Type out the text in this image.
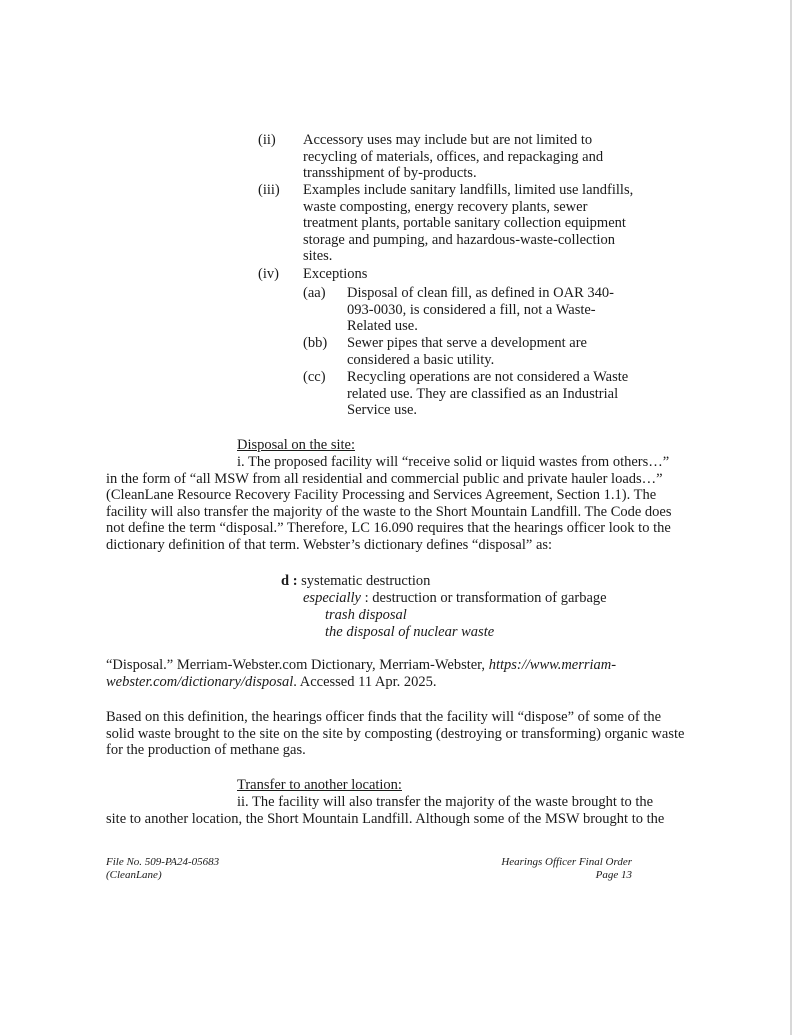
(ii) Accessory uses may include but are not limited to recycling of materials, offices, and repackaging and transshipment of by-products.
(iii) Examples include sanitary landfills, limited use landfills, waste composting, energy recovery plants, sewer treatment plants, portable sanitary collection equipment storage and pumping, and hazardous-waste-collection sites.
(iv) Exceptions
(aa) Disposal of clean fill, as defined in OAR 340-093-0030, is considered a fill, not a Waste-Related use.
(bb) Sewer pipes that serve a development are considered a basic utility.
(cc) Recycling operations are not considered a Waste related use. They are classified as an Industrial Service use.
Disposal on the site:
i. The proposed facility will “receive solid or liquid wastes from others…”
in the form of “all MSW from all residential and commercial public and private hauler loads…” (CleanLane Resource Recovery Facility Processing and Services Agreement, Section 1.1). The facility will also transfer the majority of the waste to the Short Mountain Landfill. The Code does not define the term “disposal.” Therefore, LC 16.090 requires that the hearings officer look to the dictionary definition of that term. Webster’s dictionary defines “disposal” as:
d : systematic destruction
especially : destruction or transformation of garbage
trash disposal
the disposal of nuclear waste
“Disposal.” Merriam-Webster.com Dictionary, Merriam-Webster, https://www.merriam-webster.com/dictionary/disposal. Accessed 11 Apr. 2025.
Based on this definition, the hearings officer finds that the facility will “dispose” of some of the solid waste brought to the site on the site by composting (destroying or transforming) organic waste for the production of methane gas.
Transfer to another location:
ii. The facility will also transfer the majority of the waste brought to the
site to another location, the Short Mountain Landfill. Although some of the MSW brought to the
File No. 509-PA24-05683
(CleanLane)
Hearings Officer Final Order
Page 13
